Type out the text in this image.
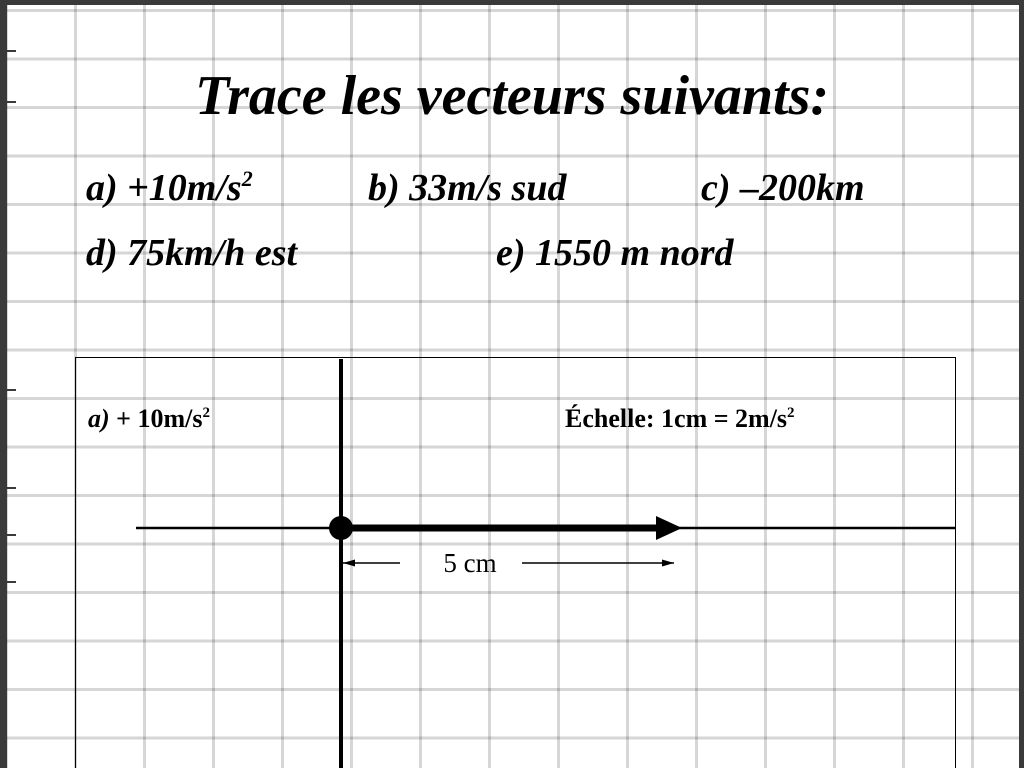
Trace les vecteurs suivants:
$a) +10m/s^2$	b) 33m/s sud	c) –200km
d) 75km/h est	e) 1550 m nord
$a) + 10m/s^2$	Échelle: $1cm = 2m/s^2$
5 cm
